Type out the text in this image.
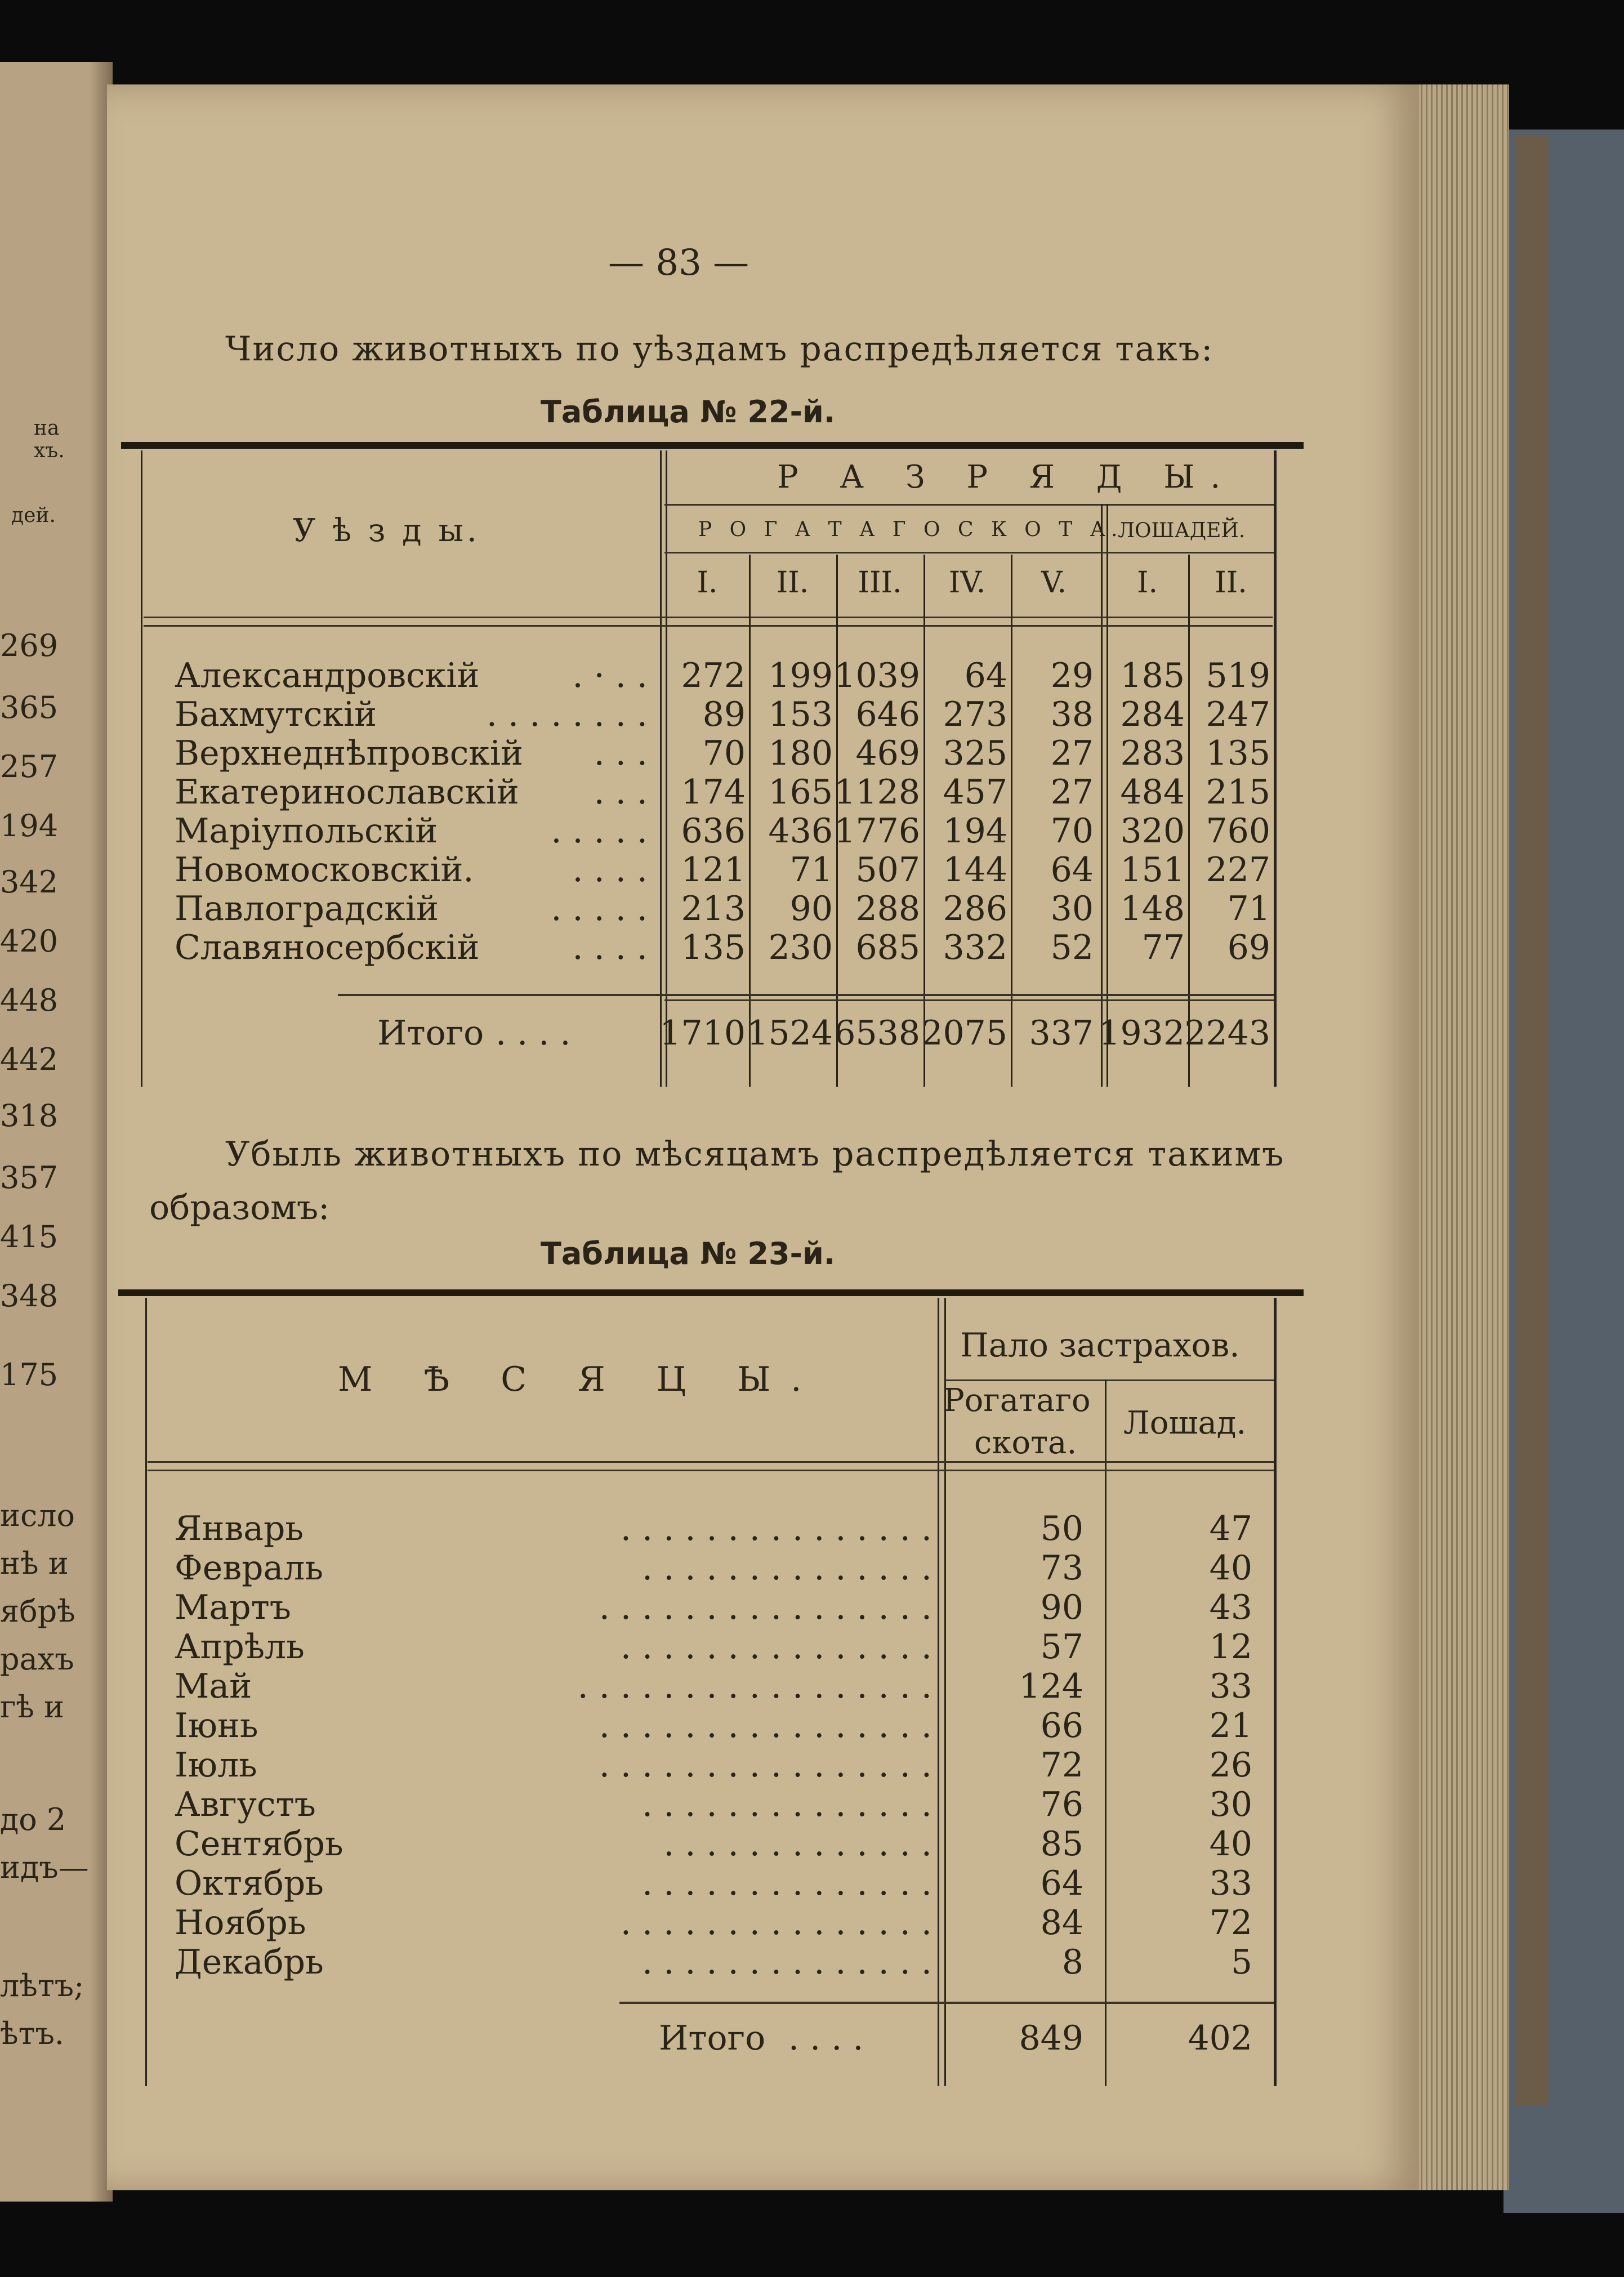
на
хъ.
дей.
269
365
257
194
342
420
448
442
318
357
415
348
175
исло
нѣ и
ябрѣ
рахъ
гѣ и
до 2
идъ—
лѣтъ;
ѣтъ.
— 83 —
Число животныхъ по уѣздамъ распредѣляется такъ:
Таблица № 22-й.
У ѣ з д ы.
Р А З Р Я Д Ы.
Р О Г А Т А Г О С К О Т А.
ЛОШАДЕЙ.
I.	II.	III.	IV.	V.	I.	II.
Александровскій	. · . . 272 199 1039 64 29 185 519
Бахмутскій	. . . . . . . . 89 153 646 273 38 284 247
Верхнеднѣпровскій . . . 70 180 469 325 27 283 135
Екатеринославскій . . . 174 165 1128 457 27 484 215
Маріупольскій	. . . . . 636 436 1776 194 70 320 760
Новомосковскій.	. . . . 121 71 507 144 64 151 227
Павлоградскій	. . . . . 213 90 288 286 30 148 71
Славяносербскій	. . . . 135 230 685 332 52 77 69
Итого . . . .	1710 1524 6538 2075 337 1932 2243
Убыль животныхъ по мѣсяцамъ распредѣляется такимъ
образомъ:
Таблица № 23-й.
М Ѣ С Я Ц Ы.
Пало застрахов.
Рогатаго
скота.
Лошад.
Январь	. . . . . . . . . . . . . . .	50	47
Февраль	. . . . . . . . . . . . . .	73	40
Мартъ	. . . . . . . . . . . . . . . .	90	43
Апрѣль	. . . . . . . . . . . . . . .	57	12
Май	. . . . . . . . . . . . . . . . .	124	33
Іюнь	. . . . . . . . . . . . . . . .	66	21
Іюль	. . . . . . . . . . . . . . . .	72	26
Августъ	. . . . . . . . . . . . . .	76	30
Сентябрь	. . . . . . . . . . . . .	85	40
Октябрь	. . . . . . . . . . . . . .	64	33
Ноябрь	. . . . . . . . . . . . . . .	84	72
Декабрь	. . . . . . . . . . . . . .	8	5
Итого . . . .	849	402
